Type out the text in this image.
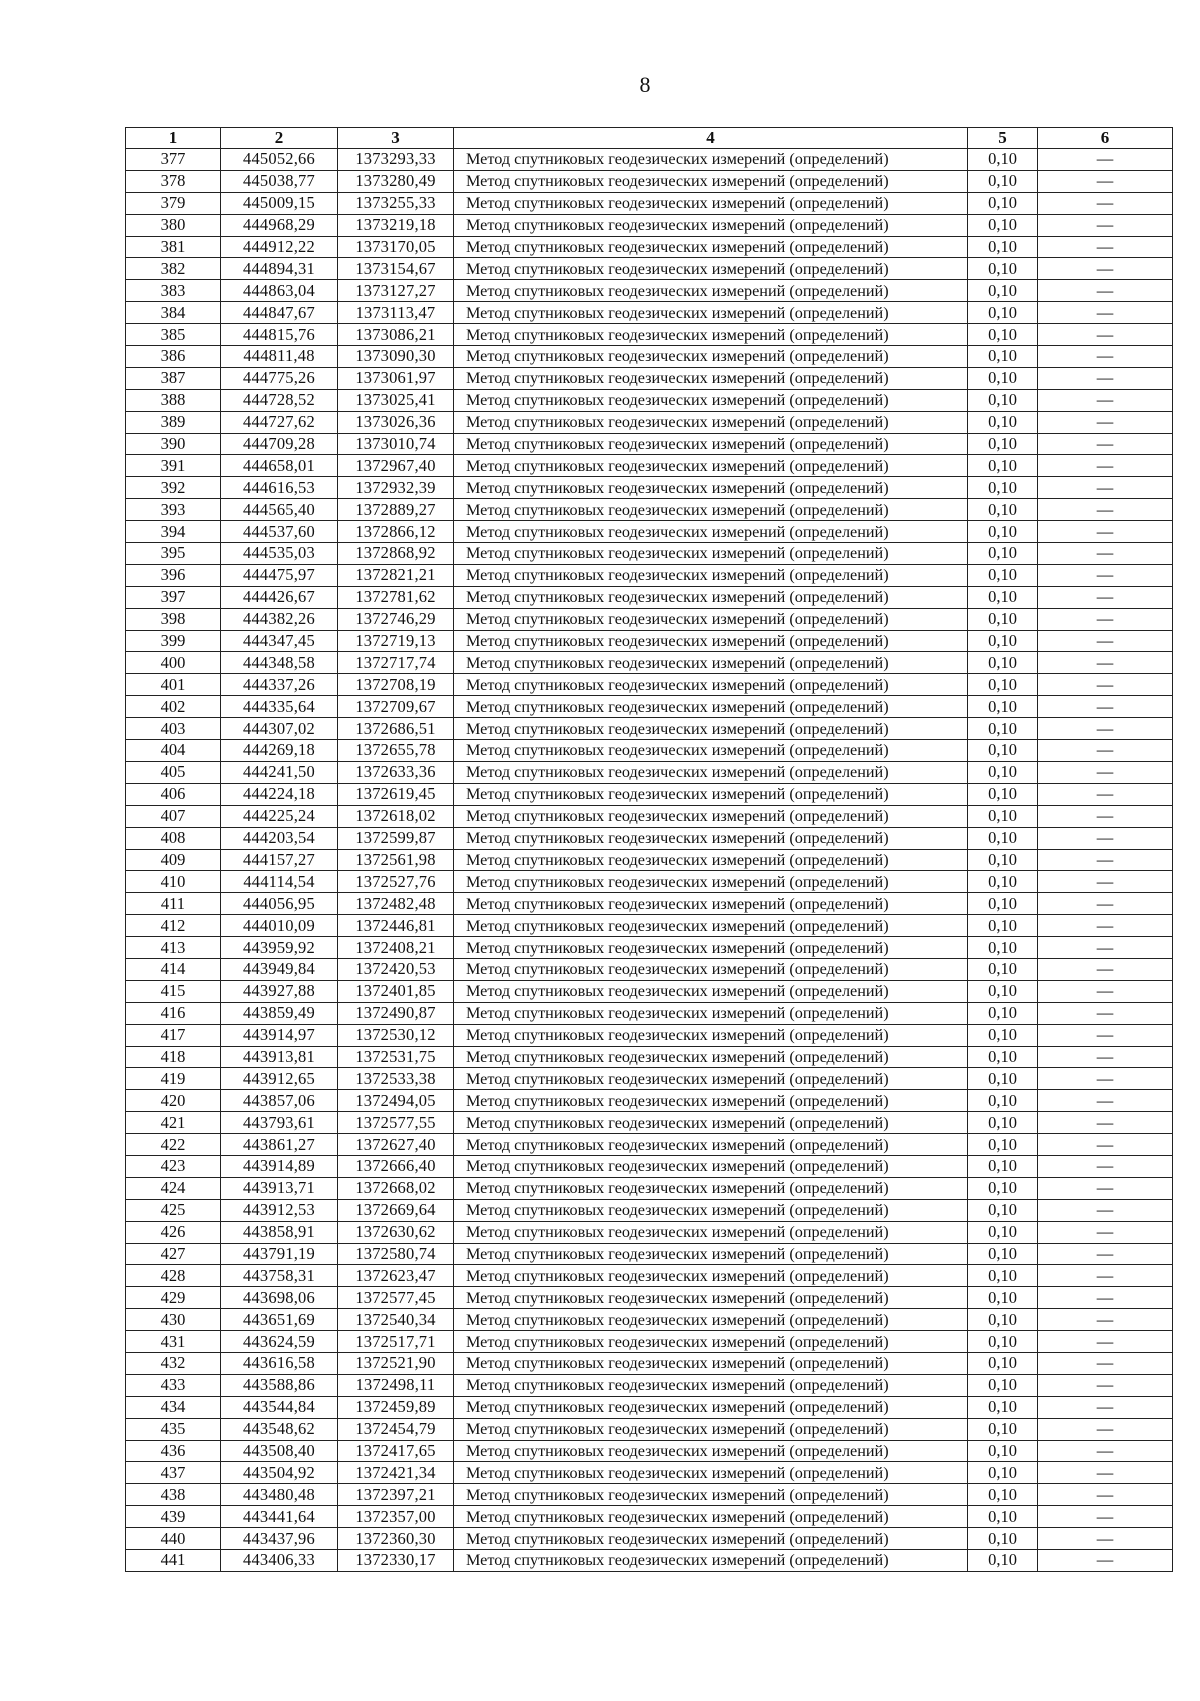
8
1	2	3	4	5	6
377	445052,66	1373293,33	Метод спутниковых геодезических измерений (определений)	0,10	—
378	445038,77	1373280,49	Метод спутниковых геодезических измерений (определений)	0,10	—
379	445009,15	1373255,33	Метод спутниковых геодезических измерений (определений)	0,10	—
380	444968,29	1373219,18	Метод спутниковых геодезических измерений (определений)	0,10	—
381	444912,22	1373170,05	Метод спутниковых геодезических измерений (определений)	0,10	—
382	444894,31	1373154,67	Метод спутниковых геодезических измерений (определений)	0,10	—
383	444863,04	1373127,27	Метод спутниковых геодезических измерений (определений)	0,10	—
384	444847,67	1373113,47	Метод спутниковых геодезических измерений (определений)	0,10	—
385	444815,76	1373086,21	Метод спутниковых геодезических измерений (определений)	0,10	—
386	444811,48	1373090,30	Метод спутниковых геодезических измерений (определений)	0,10	—
387	444775,26	1373061,97	Метод спутниковых геодезических измерений (определений)	0,10	—
388	444728,52	1373025,41	Метод спутниковых геодезических измерений (определений)	0,10	—
389	444727,62	1373026,36	Метод спутниковых геодезических измерений (определений)	0,10	—
390	444709,28	1373010,74	Метод спутниковых геодезических измерений (определений)	0,10	—
391	444658,01	1372967,40	Метод спутниковых геодезических измерений (определений)	0,10	—
392	444616,53	1372932,39	Метод спутниковых геодезических измерений (определений)	0,10	—
393	444565,40	1372889,27	Метод спутниковых геодезических измерений (определений)	0,10	—
394	444537,60	1372866,12	Метод спутниковых геодезических измерений (определений)	0,10	—
395	444535,03	1372868,92	Метод спутниковых геодезических измерений (определений)	0,10	—
396	444475,97	1372821,21	Метод спутниковых геодезических измерений (определений)	0,10	—
397	444426,67	1372781,62	Метод спутниковых геодезических измерений (определений)	0,10	—
398	444382,26	1372746,29	Метод спутниковых геодезических измерений (определений)	0,10	—
399	444347,45	1372719,13	Метод спутниковых геодезических измерений (определений)	0,10	—
400	444348,58	1372717,74	Метод спутниковых геодезических измерений (определений)	0,10	—
401	444337,26	1372708,19	Метод спутниковых геодезических измерений (определений)	0,10	—
402	444335,64	1372709,67	Метод спутниковых геодезических измерений (определений)	0,10	—
403	444307,02	1372686,51	Метод спутниковых геодезических измерений (определений)	0,10	—
404	444269,18	1372655,78	Метод спутниковых геодезических измерений (определений)	0,10	—
405	444241,50	1372633,36	Метод спутниковых геодезических измерений (определений)	0,10	—
406	444224,18	1372619,45	Метод спутниковых геодезических измерений (определений)	0,10	—
407	444225,24	1372618,02	Метод спутниковых геодезических измерений (определений)	0,10	—
408	444203,54	1372599,87	Метод спутниковых геодезических измерений (определений)	0,10	—
409	444157,27	1372561,98	Метод спутниковых геодезических измерений (определений)	0,10	—
410	444114,54	1372527,76	Метод спутниковых геодезических измерений (определений)	0,10	—
411	444056,95	1372482,48	Метод спутниковых геодезических измерений (определений)	0,10	—
412	444010,09	1372446,81	Метод спутниковых геодезических измерений (определений)	0,10	—
413	443959,92	1372408,21	Метод спутниковых геодезических измерений (определений)	0,10	—
414	443949,84	1372420,53	Метод спутниковых геодезических измерений (определений)	0,10	—
415	443927,88	1372401,85	Метод спутниковых геодезических измерений (определений)	0,10	—
416	443859,49	1372490,87	Метод спутниковых геодезических измерений (определений)	0,10	—
417	443914,97	1372530,12	Метод спутниковых геодезических измерений (определений)	0,10	—
418	443913,81	1372531,75	Метод спутниковых геодезических измерений (определений)	0,10	—
419	443912,65	1372533,38	Метод спутниковых геодезических измерений (определений)	0,10	—
420	443857,06	1372494,05	Метод спутниковых геодезических измерений (определений)	0,10	—
421	443793,61	1372577,55	Метод спутниковых геодезических измерений (определений)	0,10	—
422	443861,27	1372627,40	Метод спутниковых геодезических измерений (определений)	0,10	—
423	443914,89	1372666,40	Метод спутниковых геодезических измерений (определений)	0,10	—
424	443913,71	1372668,02	Метод спутниковых геодезических измерений (определений)	0,10	—
425	443912,53	1372669,64	Метод спутниковых геодезических измерений (определений)	0,10	—
426	443858,91	1372630,62	Метод спутниковых геодезических измерений (определений)	0,10	—
427	443791,19	1372580,74	Метод спутниковых геодезических измерений (определений)	0,10	—
428	443758,31	1372623,47	Метод спутниковых геодезических измерений (определений)	0,10	—
429	443698,06	1372577,45	Метод спутниковых геодезических измерений (определений)	0,10	—
430	443651,69	1372540,34	Метод спутниковых геодезических измерений (определений)	0,10	—
431	443624,59	1372517,71	Метод спутниковых геодезических измерений (определений)	0,10	—
432	443616,58	1372521,90	Метод спутниковых геодезических измерений (определений)	0,10	—
433	443588,86	1372498,11	Метод спутниковых геодезических измерений (определений)	0,10	—
434	443544,84	1372459,89	Метод спутниковых геодезических измерений (определений)	0,10	—
435	443548,62	1372454,79	Метод спутниковых геодезических измерений (определений)	0,10	—
436	443508,40	1372417,65	Метод спутниковых геодезических измерений (определений)	0,10	—
437	443504,92	1372421,34	Метод спутниковых геодезических измерений (определений)	0,10	—
438	443480,48	1372397,21	Метод спутниковых геодезических измерений (определений)	0,10	—
439	443441,64	1372357,00	Метод спутниковых геодезических измерений (определений)	0,10	—
440	443437,96	1372360,30	Метод спутниковых геодезических измерений (определений)	0,10	—
441	443406,33	1372330,17	Метод спутниковых геодезических измерений (определений)	0,10	—
